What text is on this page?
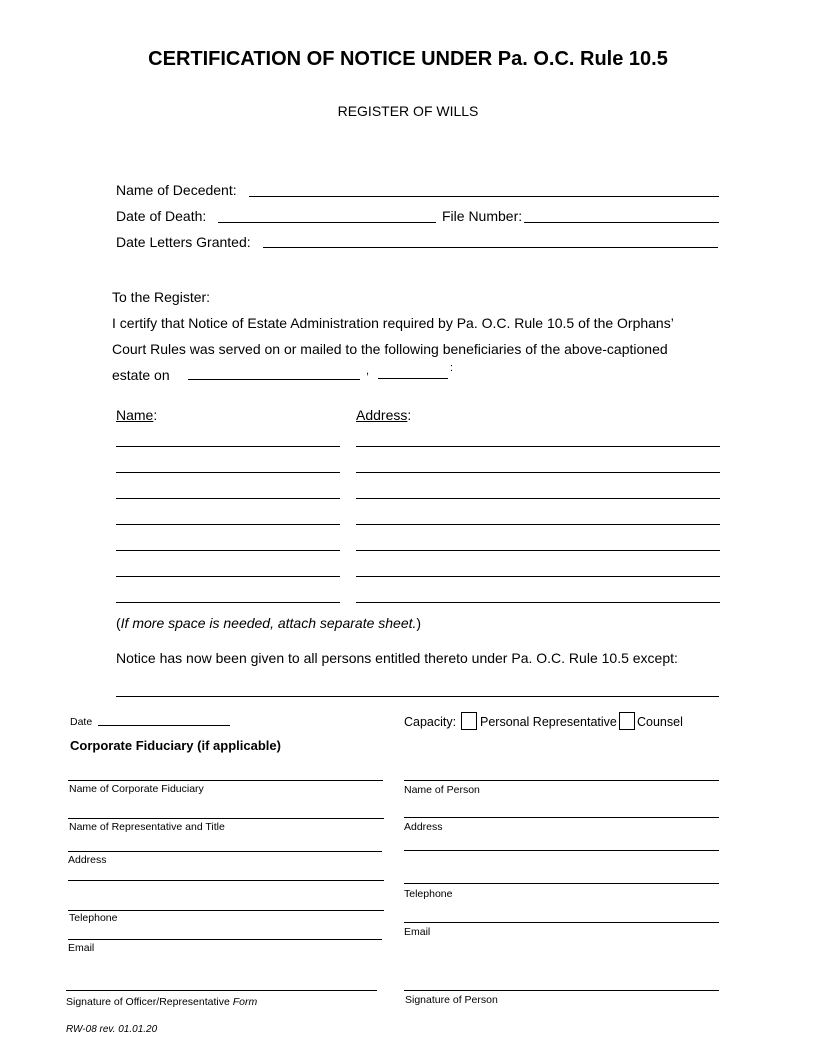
CERTIFICATION OF NOTICE UNDER Pa. O.C. Rule 10.5
REGISTER OF WILLS
Name of Decedent:
Date of Death:	File Number:
Date Letters Granted:
To the Register:
I certify that Notice of Estate Administration required by Pa. O.C. Rule 10.5 of the Orphans’
Court Rules was served on or mailed to the following beneficiaries of the above-captioned
estate on	,	:
Name:	Address:
(If more space is needed, attach separate sheet.)
Notice has now been given to all persons entitled thereto under Pa. O.C. Rule 10.5 except:
Date	Capacity: Personal Representative Counsel
Corporate Fiduciary (if applicable)
Name of Corporate Fiduciary
Name of Representative and Title
Address
Telephone
Email
Signature of Officer/Representative Form
Name of Person
Address
Telephone
Email
Signature of Person
RW-08 rev. 01.01.20
